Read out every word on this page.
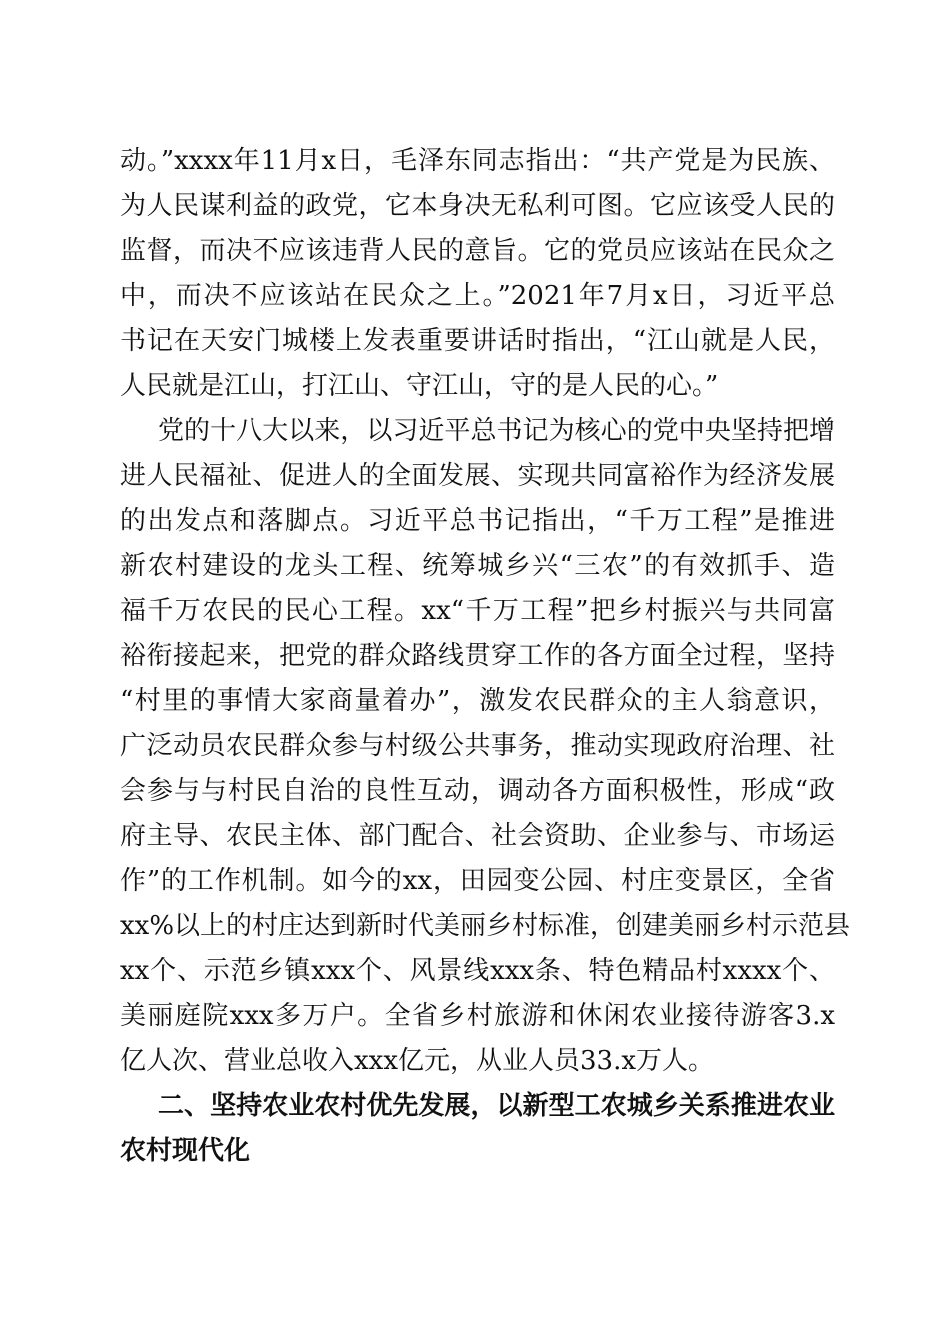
动。”xxxx年11月x日，毛泽东同志指出：“共产党是为民族、
为人民谋利益的政党，它本身决无私利可图。它应该受人民的
监督，而决不应该违背人民的意旨。它的党员应该站在民众之
中，而决不应该站在民众之上。”2021年7月x日，习近平总
书记在天安门城楼上发表重要讲话时指出，“江山就是人民，
人民就是江山，打江山、守江山，守的是人民的心。”
党的十八大以来，以习近平总书记为核心的党中央坚持把增
进人民福祉、促进人的全面发展、实现共同富裕作为经济发展
的出发点和落脚点。习近平总书记指出，“千万工程”是推进
新农村建设的龙头工程、统筹城乡兴“三农”的有效抓手、造
福千万农民的民心工程。xx“千万工程”把乡村振兴与共同富
裕衔接起来，把党的群众路线贯穿工作的各方面全过程，坚持
“村里的事情大家商量着办”，激发农民群众的主人翁意识，
广泛动员农民群众参与村级公共事务，推动实现政府治理、社
会参与与村民自治的良性互动，调动各方面积极性，形成“政
府主导、农民主体、部门配合、社会资助、企业参与、市场运
作”的工作机制。如今的xx，田园变公园、村庄变景区，全省
xx%以上的村庄达到新时代美丽乡村标准，创建美丽乡村示范县
xx个、示范乡镇xxx个、风景线xxx条、特色精品村xxxx个、
美丽庭院xxx多万户。全省乡村旅游和休闲农业接待游客3.x
亿人次、营业总收入xxx亿元，从业人员33.x万人。
二、坚持农业农村优先发展，以新型工农城乡关系推进农业
农村现代化
